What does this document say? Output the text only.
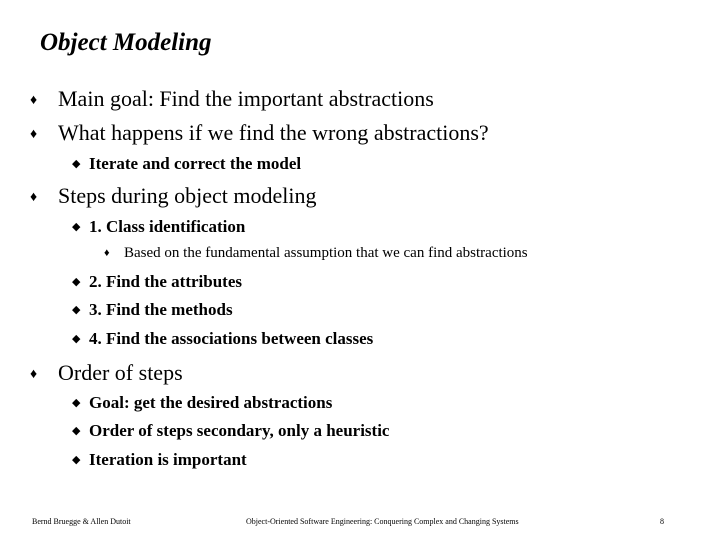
Object Modeling
♦ Main goal: Find the important abstractions
♦ What happens if we find the wrong abstractions?
◆ Iterate and correct the model
♦ Steps during object modeling
◆ 1. Class identification
♦ Based on the fundamental assumption that we can find abstractions
◆ 2. Find the attributes
◆ 3. Find the methods
◆ 4. Find the associations between classes
♦ Order of steps
◆ Goal: get the desired abstractions
◆ Order of steps secondary, only a heuristic
◆ Iteration is important
Bernd Bruegge & Allen Dutoit	Object-Oriented Software Engineering: Conquering Complex and Changing Systems	8
